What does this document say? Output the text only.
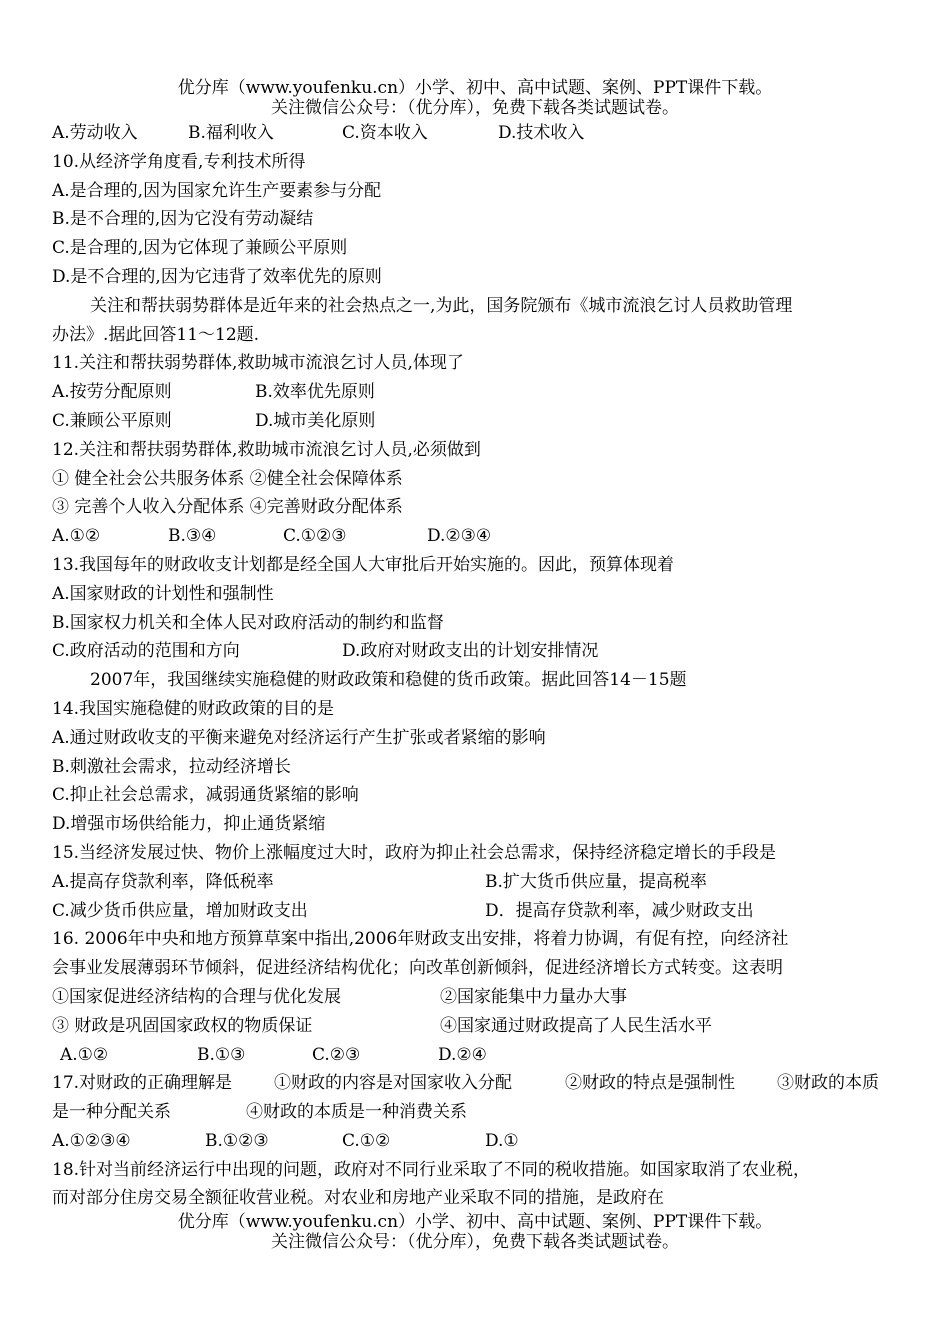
优分库（www.youfenku.cn）小学、初中、高中试题、案例、PPT课件下载。
关注微信公众号：（优分库），免费下载各类试题试卷。
A.劳动收入	B.福利收入	C.资本收入	D.技术收入
10.从经济学角度看,专利技术所得
A.是合理的,因为国家允许生产要素参与分配
B.是不合理的,因为它没有劳动凝结
C.是合理的,因为它体现了兼顾公平原则
D.是不合理的,因为它违背了效率优先的原则
关注和帮扶弱势群体是近年来的社会热点之一,为此，国务院颁布《城市流浪乞讨人员救助管理
办法》.据此回答11～12题.
11.关注和帮扶弱势群体,救助城市流浪乞讨人员,体现了
A.按劳分配原则	B.效率优先原则
C.兼顾公平原则	D.城市美化原则
12.关注和帮扶弱势群体,救助城市流浪乞讨人员,必须做到
① 健全社会公共服务体系 ②健全社会保障体系
③ 完善个人收入分配体系 ④完善财政分配体系
A.①②	B.③④	C.①②③	D.②③④
13.我国每年的财政收支计划都是经全国人大审批后开始实施的。因此，预算体现着
A.国家财政的计划性和强制性
B.国家权力机关和全体人民对政府活动的制约和监督
C.政府活动的范围和方向	D.政府对财政支出的计划安排情况
2007年，我国继续实施稳健的财政政策和稳健的货币政策。据此回答14－15题
14.我国实施稳健的财政政策的目的是
A.通过财政收支的平衡来避免对经济运行产生扩张或者紧缩的影响
B.刺激社会需求，拉动经济增长
C.抑止社会总需求，减弱通货紧缩的影响
D.增强市场供给能力，抑止通货紧缩
15.当经济发展过快、物价上涨幅度过大时，政府为抑止社会总需求，保持经济稳定增长的手段是
A.提高存贷款利率，降低税率	B.扩大货币供应量，提高税率
C.减少货币供应量，增加财政支出	D．提高存贷款利率，减少财政支出
16. 2006年中央和地方预算草案中指出,2006年财政支出安排，将着力协调，有促有控，向经济社
会事业发展薄弱环节倾斜，促进经济结构优化；向改革创新倾斜，促进经济增长方式转变。这表明
①国家促进经济结构的合理与优化发展	②国家能集中力量办大事
③ 财政是巩固国家政权的物质保证	④国家通过财政提高了人民生活水平
A.①②	B.①③	C.②③	D.②④
17.对财政的正确理解是 ①财政的内容是对国家收入分配	②财政的特点是强制性 ③财政的本质
是一种分配关系	④财政的本质是一种消费关系
A.①②③④	B.①②③	C.①②	D.①
18.针对当前经济运行中出现的问题，政府对不同行业采取了不同的税收措施。如国家取消了农业税，
而对部分住房交易全额征收营业税。对农业和房地产业采取不同的措施，是政府在
优分库（www.youfenku.cn）小学、初中、高中试题、案例、PPT课件下载。
关注微信公众号：（优分库），免费下载各类试题试卷。
